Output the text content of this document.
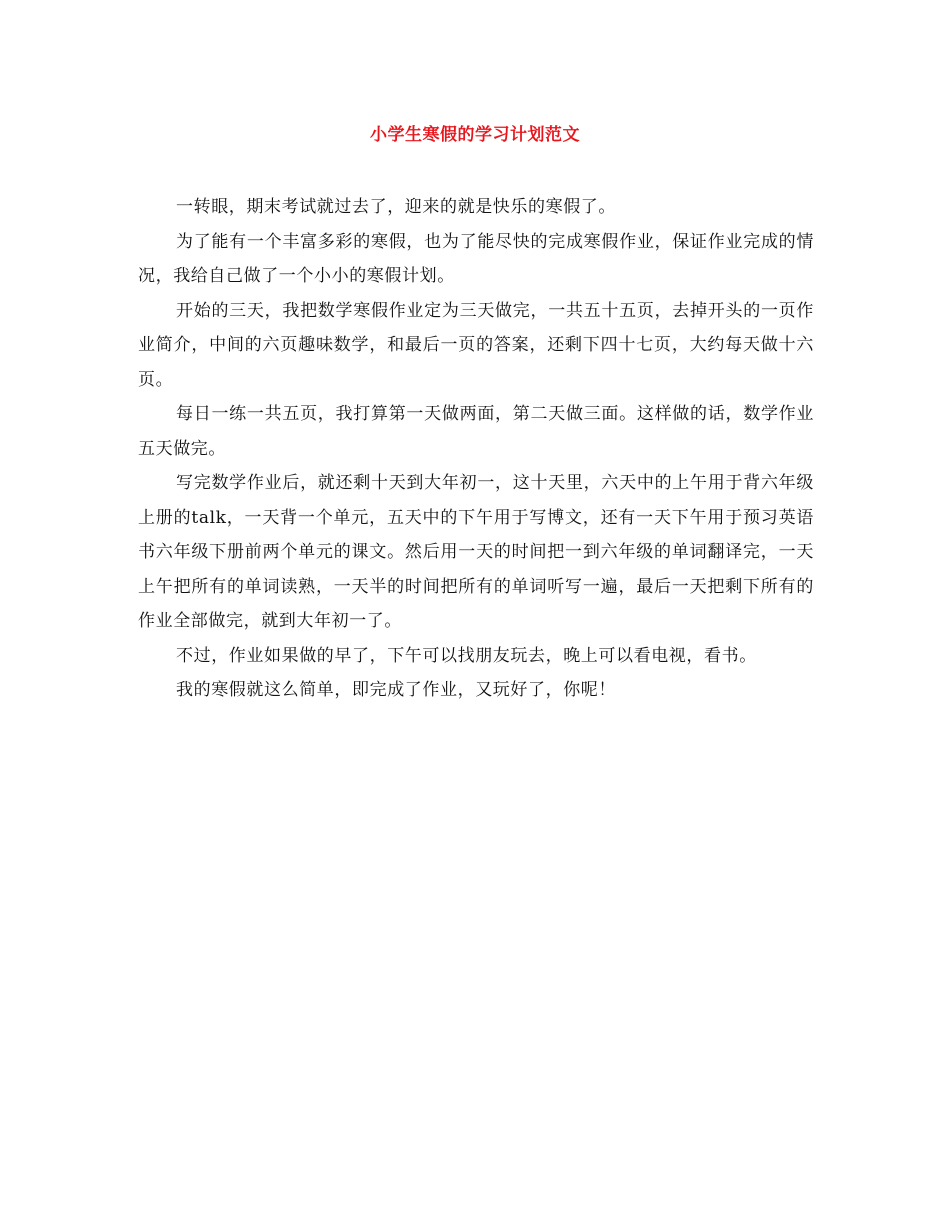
小学生寒假的学习计划范文

一转眼，期末考试就过去了，迎来的就是快乐的寒假了。

为了能有一个丰富多彩的寒假，也为了能尽快的完成寒假作业，保证作业完成的情况，我给自己做了一个小小的寒假计划。

开始的三天，我把数学寒假作业定为三天做完，一共五十五页，去掉开头的一页作业简介，中间的六页趣味数学，和最后一页的答案，还剩下四十七页，大约每天做十六页。

每日一练一共五页，我打算第一天做两面，第二天做三面。这样做的话，数学作业五天做完。

写完数学作业后，就还剩十天到大年初一，这十天里，六天中的上午用于背六年级上册的talk，一天背一个单元，五天中的下午用于写博文，还有一天下午用于预习英语书六年级下册前两个单元的课文。然后用一天的时间把一到六年级的单词翻译完，一天上午把所有的单词读熟，一天半的时间把所有的单词听写一遍，最后一天把剩下所有的作业全部做完，就到大年初一了。

不过，作业如果做的早了，下午可以找朋友玩去，晚上可以看电视，看书。

我的寒假就这么简单，即完成了作业，又玩好了，你呢！
